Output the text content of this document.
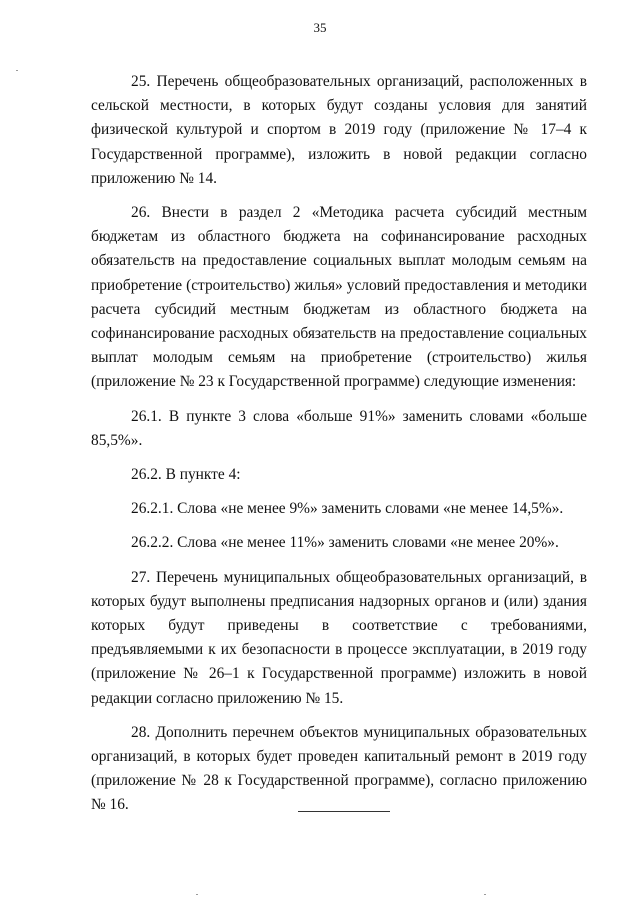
35

25. Перечень общеобразовательных организаций, расположенных в сельской местности, в которых будут созданы условия для занятий физической культурой и спортом в 2019 году (приложение № 17–4 к Государственной программе), изложить в новой редакции согласно приложению № 14.

26. Внести в раздел 2 «Методика расчета субсидий местным бюджетам из областного бюджета на софинансирование расходных обязательств на предоставление социальных выплат молодым семьям на приобретение (строительство) жилья» условий предоставления и методики расчета субсидий местным бюджетам из областного бюджета на софинансирование расходных обязательств на предоставление социальных выплат молодым семьям на приобретение (строительство) жилья (приложение № 23 к Государственной программе) следующие изменения:

26.1. В пункте 3 слова «больше 91%» заменить словами «больше 85,5%».

26.2. В пункте 4:

26.2.1. Слова «не менее 9%» заменить словами «не менее 14,5%».

26.2.2. Слова «не менее 11%» заменить словами «не менее 20%».

27. Перечень муниципальных общеобразовательных организаций, в которых будут выполнены предписания надзорных органов и (или) здания которых будут приведены в соответствие с требованиями, предъявляемыми к их безопасности в процессе эксплуатации, в 2019 году (приложение № 26–1 к Государственной программе) изложить в новой редакции согласно приложению № 15.

28. Дополнить перечнем объектов муниципальных образовательных организаций, в которых будет проведен капитальный ремонт в 2019 году (приложение № 28 к Государственной программе), согласно приложению № 16.
